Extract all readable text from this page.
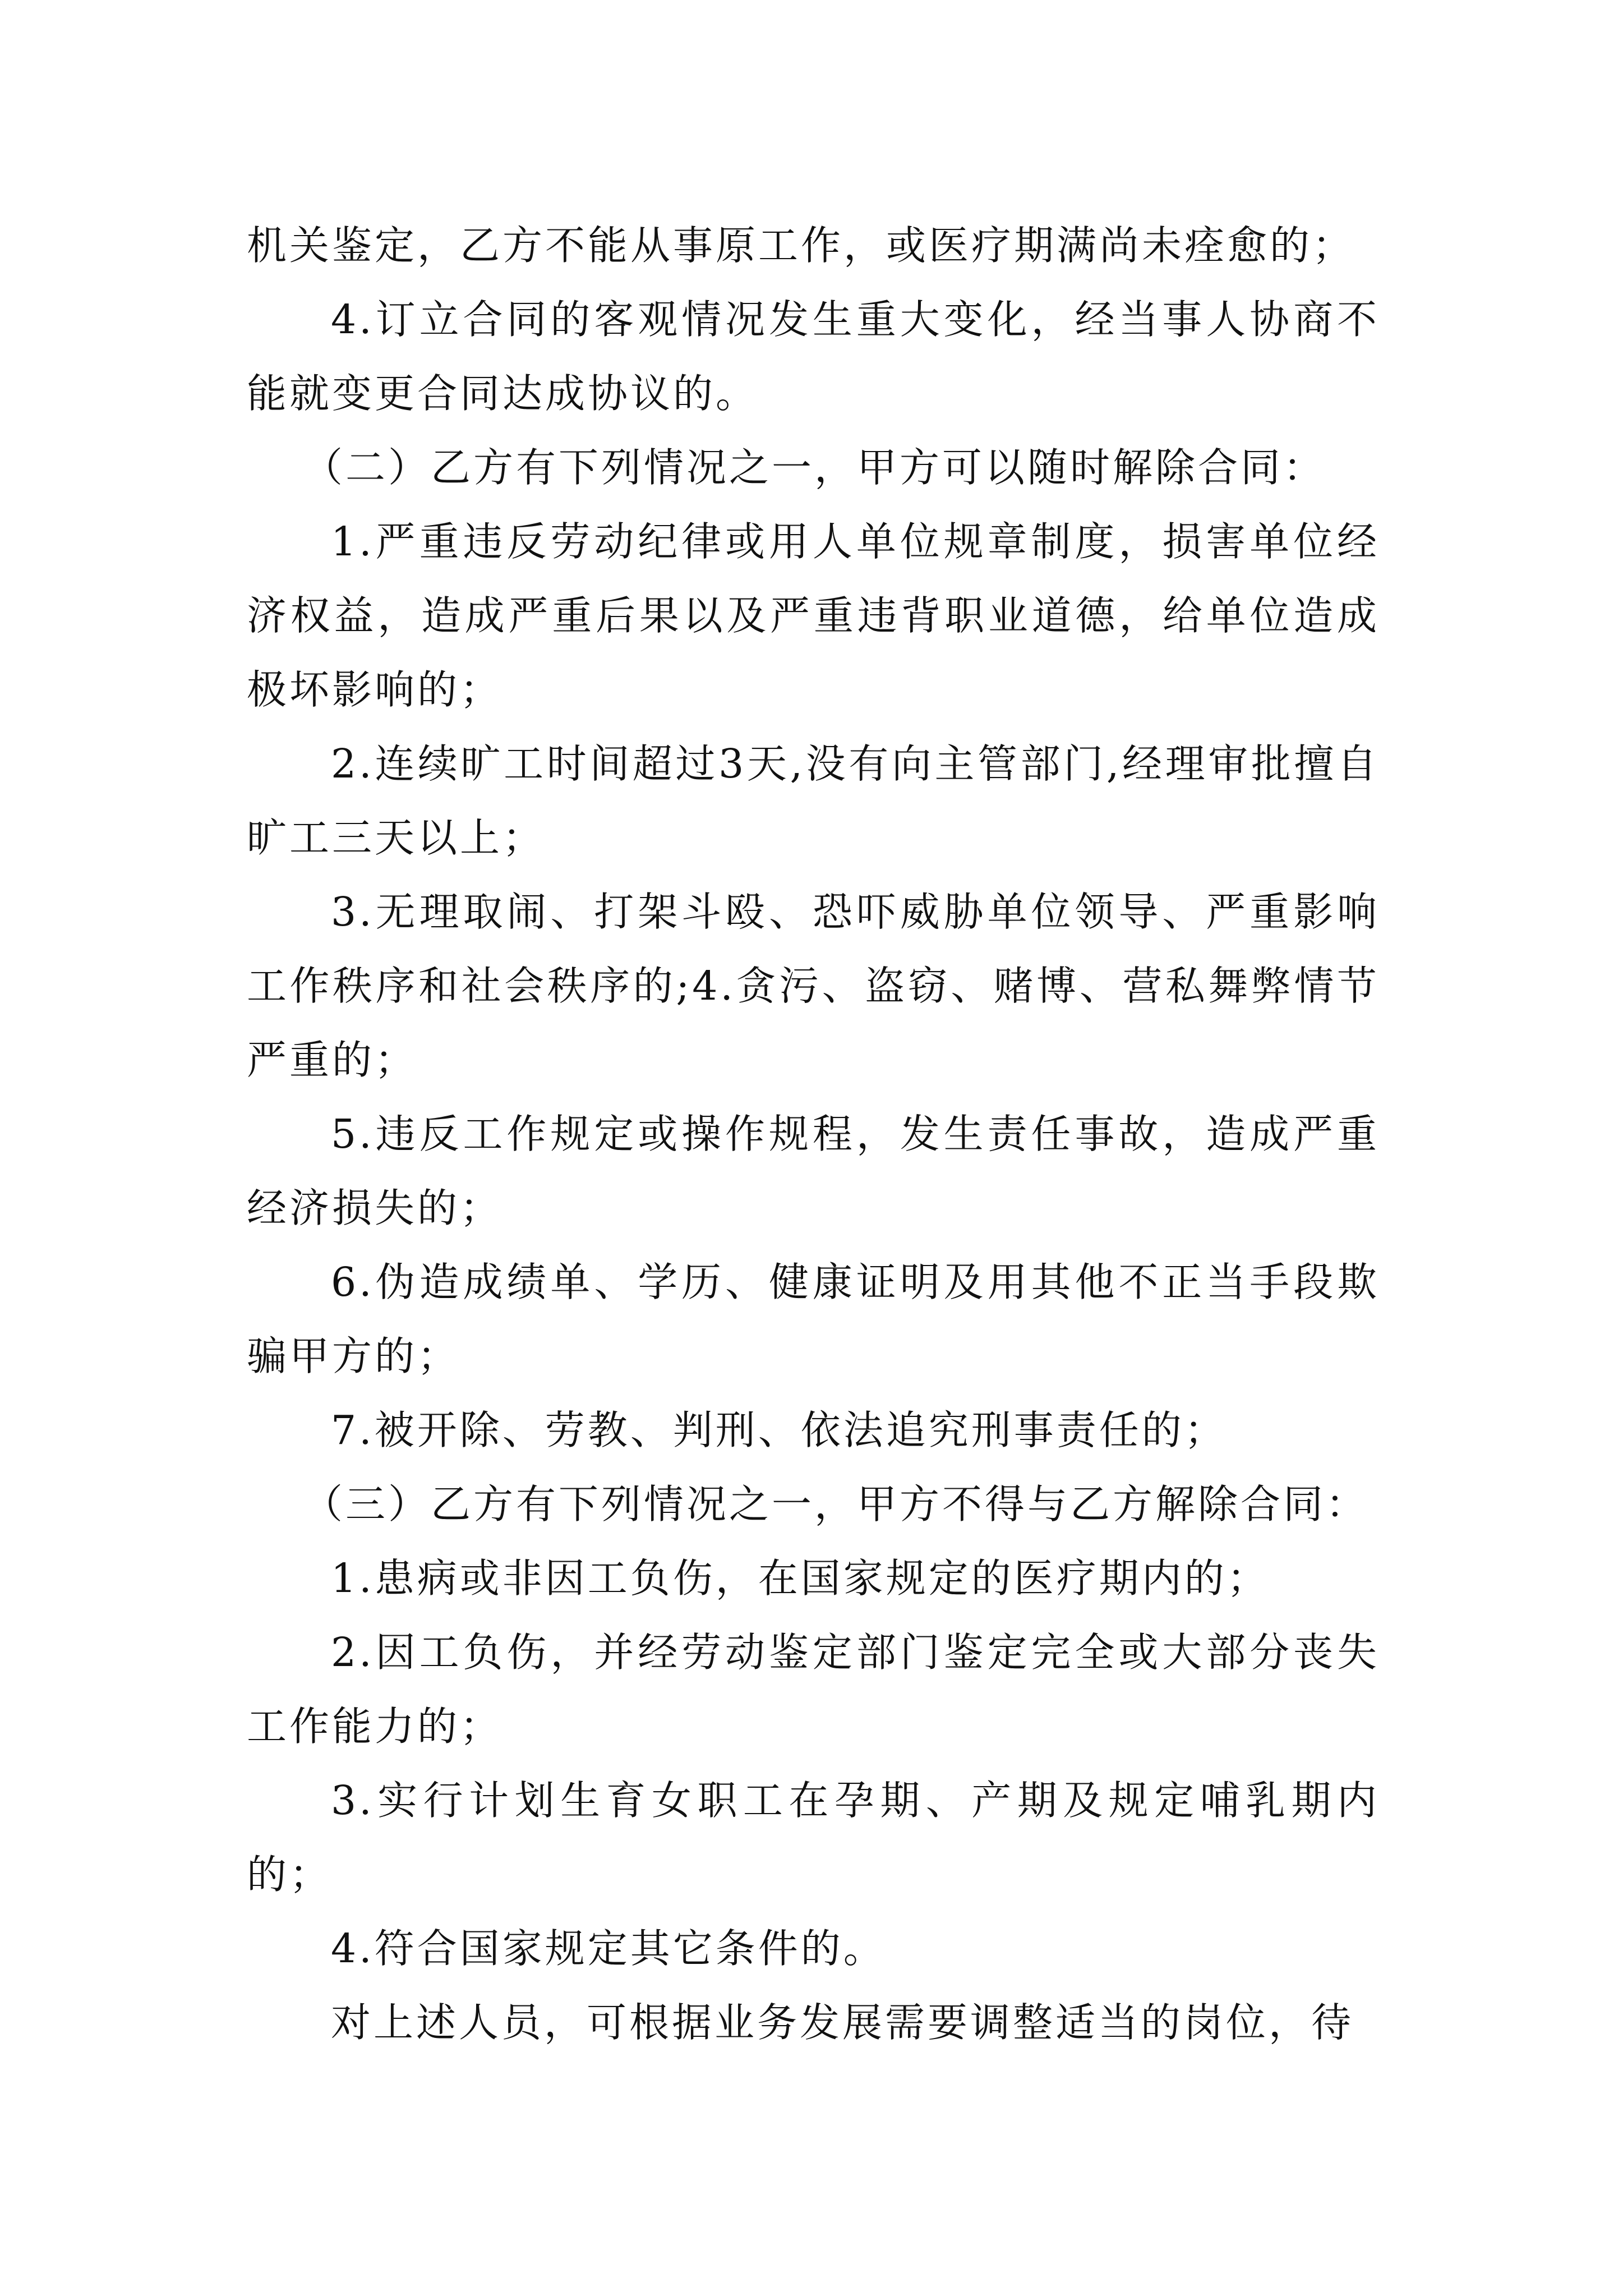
机关鉴定，乙方不能从事原工作，或医疗期满尚未痊愈的；

4.订立合同的客观情况发生重大变化，经当事人协商不能就变更合同达成协议的。

（二）乙方有下列情况之一，甲方可以随时解除合同：

1.严重违反劳动纪律或用人单位规章制度，损害单位经济权益，造成严重后果以及严重违背职业道德，给单位造成极坏影响的；

2.连续旷工时间超过3天,没有向主管部门,经理审批擅自旷工三天以上；

3.无理取闹、打架斗殴、恐吓威胁单位领导、严重影响工作秩序和社会秩序的;4.贪污、盗窃、赌博、营私舞弊情节严重的；

5.违反工作规定或操作规程，发生责任事故，造成严重经济损失的；

6.伪造成绩单、学历、健康证明及用其他不正当手段欺骗甲方的；

7.被开除、劳教、判刑、依法追究刑事责任的；

（三）乙方有下列情况之一，甲方不得与乙方解除合同：

1.患病或非因工负伤，在国家规定的医疗期内的；

2.因工负伤，并经劳动鉴定部门鉴定完全或大部分丧失工作能力的；

3.实行计划生育女职工在孕期、产期及规定哺乳期内的；

4.符合国家规定其它条件的。

对上述人员，可根据业务发展需要调整适当的岗位，待
